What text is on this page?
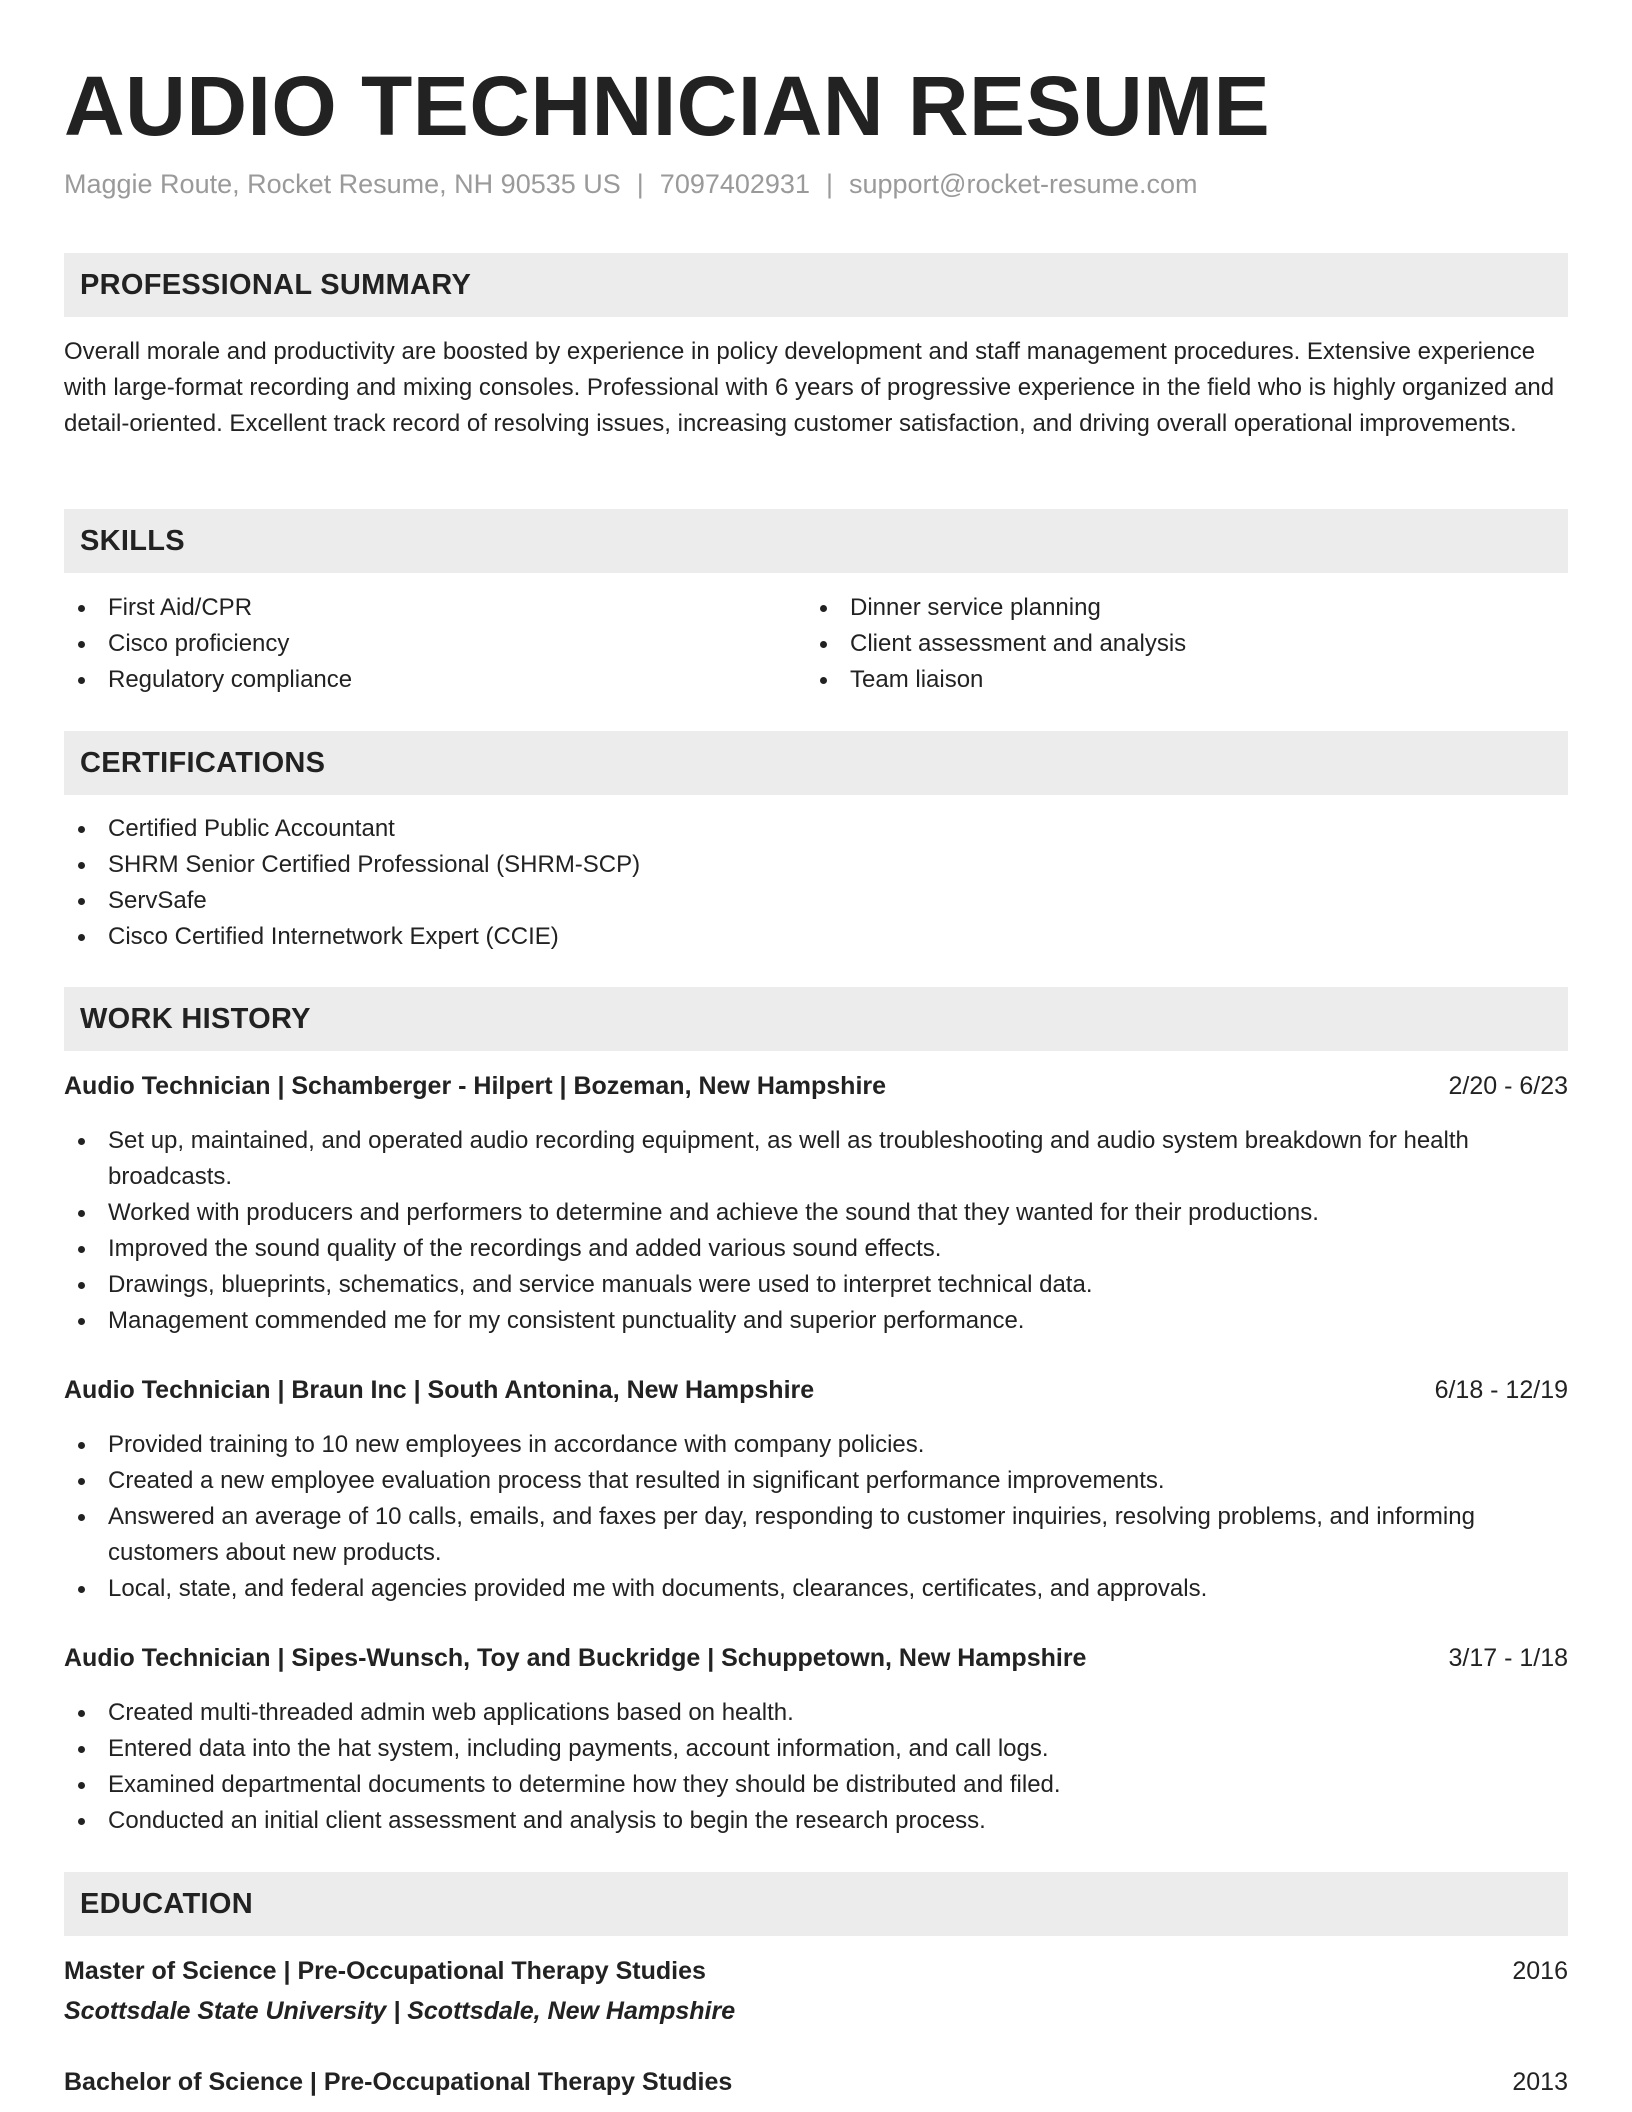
AUDIO TECHNICIAN RESUME
Maggie Route, Rocket Resume, NH 90535 US | 7097402931 | support@rocket-resume.com
PROFESSIONAL SUMMARY

Overall morale and productivity are boosted by experience in policy development and staff management procedures. Extensive experience with large-format recording and mixing consoles. Professional with 6 years of progressive experience in the field who is highly organized and detail-oriented. Excellent track record of resolving issues, increasing customer satisfaction, and driving overall operational improvements.

SKILLS
First Aid/CPR
Cisco proficiency
Regulatory compliance
Dinner service planning
Client assessment and analysis
Team liaison
CERTIFICATIONS
Certified Public Accountant
SHRM Senior Certified Professional (SHRM-SCP)
ServSafe
Cisco Certified Internetwork Expert (CCIE)
WORK HISTORY
Audio Technician | Schamberger - Hilpert | Bozeman, New Hampshire	2/20 - 6/23
Set up, maintained, and operated audio recording equipment, as well as troubleshooting and audio system breakdown for health broadcasts.
Worked with producers and performers to determine and achieve the sound that they wanted for their productions.
Improved the sound quality of the recordings and added various sound effects.
Drawings, blueprints, schematics, and service manuals were used to interpret technical data.
Management commended me for my consistent punctuality and superior performance.
Audio Technician | Braun Inc | South Antonina, New Hampshire	6/18 - 12/19
Provided training to 10 new employees in accordance with company policies.
Created a new employee evaluation process that resulted in significant performance improvements.
Answered an average of 10 calls, emails, and faxes per day, responding to customer inquiries, resolving problems, and informing customers about new products.
Local, state, and federal agencies provided me with documents, clearances, certificates, and approvals.
Audio Technician | Sipes-Wunsch, Toy and Buckridge | Schuppetown, New Hampshire	3/17 - 1/18
Created multi-threaded admin web applications based on health.
Entered data into the hat system, including payments, account information, and call logs.
Examined departmental documents to determine how they should be distributed and filed.
Conducted an initial client assessment and analysis to begin the research process.
EDUCATION
Master of Science | Pre-Occupational Therapy Studies	2016
Scottsdale State University | Scottsdale, New Hampshire
Bachelor of Science | Pre-Occupational Therapy Studies	2013
